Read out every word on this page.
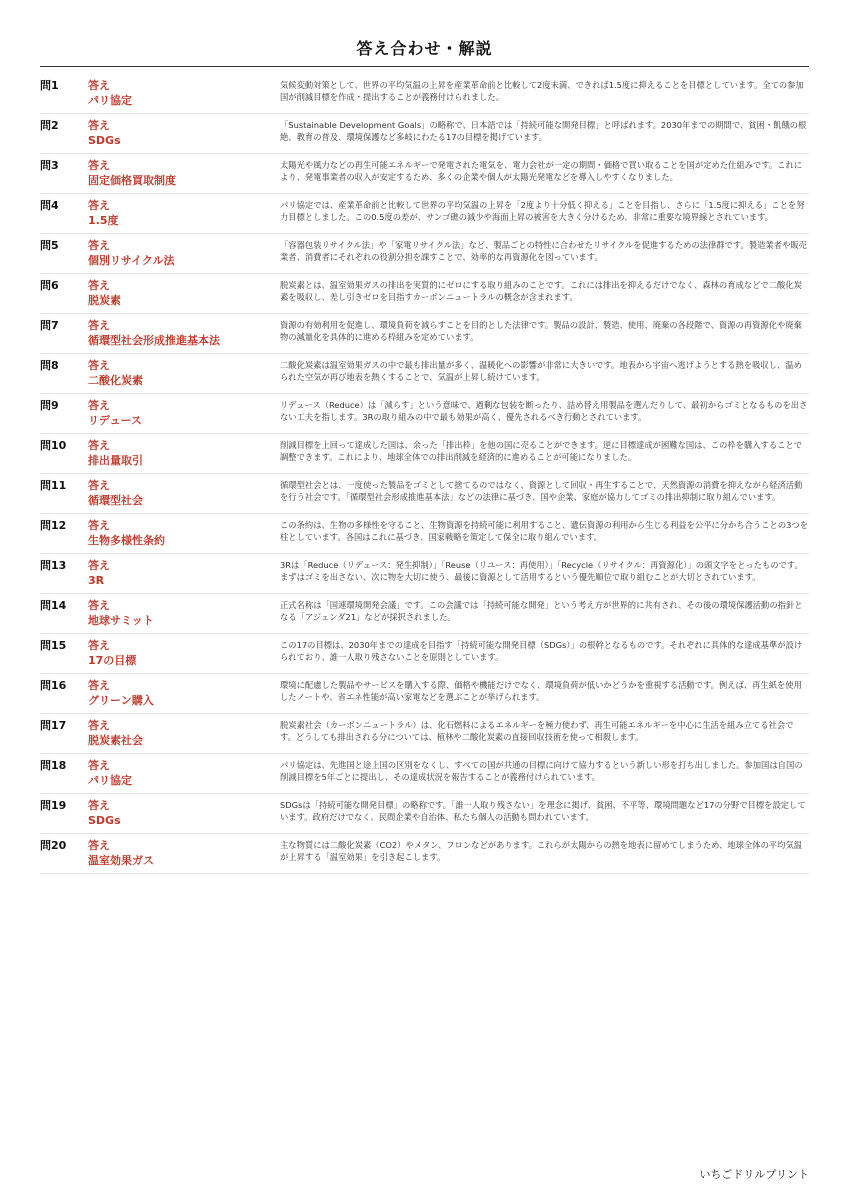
答え合わせ・解説
問1	答え
パリ協定
気候変動対策として、世界の平均気温の上昇を産業革命前と比較して2度未満、できれば1.5度に抑えることを目標としています。全ての参加国が削減目標を作成・提出することが義務付けられました。
問2	答え
SDGs
「Sustainable Development Goals」の略称で、日本語では「持続可能な開発目標」と呼ばれます。2030年までの期間で、貧困・飢餓の根絶、教育の普及、環境保護など多岐にわたる17の目標を掲げています。
問3	答え
固定価格買取制度
太陽光や風力などの再生可能エネルギーで発電された電気を、電力会社が一定の期間・価格で買い取ることを国が定めた仕組みです。これにより、発電事業者の収入が安定するため、多くの企業や個人が太陽光発電などを導入しやすくなりました。
問4	答え
1.5度
パリ協定では、産業革命前と比較して世界の平均気温の上昇を「2度より十分低く抑える」ことを目指し、さらに「1.5度に抑える」ことを努力目標としました。この0.5度の差が、サンゴ礁の減少や海面上昇の被害を大きく分けるため、非常に重要な境界線とされています。
問5	答え
個別リサイクル法
「容器包装リサイクル法」や「家電リサイクル法」など、製品ごとの特性に合わせたリサイクルを促進するための法律群です。製造業者や販売業者、消費者にそれぞれの役割分担を課すことで、効率的な再資源化を図っています。
問6	答え
脱炭素
脱炭素とは、温室効果ガスの排出を実質的にゼロにする取り組みのことです。これには排出を抑えるだけでなく、森林の育成などで二酸化炭素を吸収し、差し引きゼロを目指すカーボンニュートラルの概念が含まれます。
問7	答え
循環型社会形成推進基本法
資源の有効利用を促進し、環境負荷を減らすことを目的とした法律です。製品の設計、製造、使用、廃棄の各段階で、資源の再資源化や廃棄物の減量化を具体的に進める枠組みを定めています。
問8	答え
二酸化炭素
二酸化炭素は温室効果ガスの中で最も排出量が多く、温暖化への影響が非常に大きいです。地表から宇宙へ逃げようとする熱を吸収し、温められた空気が再び地表を熱くすることで、気温が上昇し続けています。
問9	答え
リデュース
リデュース（Reduce）は「減らす」という意味で、過剰な包装を断ったり、詰め替え用製品を選んだりして、最初からゴミとなるものを出さない工夫を指します。3Rの取り組みの中で最も効果が高く、優先されるべき行動とされています。
問10	答え
排出量取引
削減目標を上回って達成した国は、余った「排出枠」を他の国に売ることができます。逆に目標達成が困難な国は、この枠を購入することで調整できます。これにより、地球全体での排出削減を経済的に進めることが可能になりました。
問11	答え
循環型社会
循環型社会とは、一度使った製品をゴミとして捨てるのではなく、資源として回収・再生することで、天然資源の消費を抑えながら経済活動を行う社会です。「循環型社会形成推進基本法」などの法律に基づき、国や企業、家庭が協力してゴミの排出抑制に取り組んでいます。
問12	答え
生物多様性条約
この条約は、生物の多様性を守ること、生物資源を持続可能に利用すること、遺伝資源の利用から生じる利益を公平に分かち合うことの3つを柱としています。各国はこれに基づき、国家戦略を策定して保全に取り組んでいます。
問13	答え
3R
3Rは「Reduce（リデュース：発生抑制）」「Reuse（リユース：再使用）」「Recycle（リサイクル：再資源化）」の頭文字をとったものです。まずはゴミを出さない、次に物を大切に使う、最後に資源として活用するという優先順位で取り組むことが大切とされています。
問14	答え
地球サミット
正式名称は「国連環境開発会議」です。この会議では「持続可能な開発」という考え方が世界的に共有され、その後の環境保護活動の指針となる「アジェンダ21」などが採択されました。
問15	答え
17の目標
この17の目標は、2030年までの達成を目指す「持続可能な開発目標（SDGs）」の根幹となるものです。それぞれに具体的な達成基準が設けられており、誰一人取り残さないことを原則としています。
問16	答え
グリーン購入
環境に配慮した製品やサービスを購入する際、価格や機能だけでなく、環境負荷が低いかどうかを重視する活動です。例えば、再生紙を使用したノートや、省エネ性能が高い家電などを選ぶことが挙げられます。
問17	答え
脱炭素社会
脱炭素社会（カーボンニュートラル）は、化石燃料によるエネルギーを極力使わず、再生可能エネルギーを中心に生活を組み立てる社会です。どうしても排出される分については、植林や二酸化炭素の直接回収技術を使って相殺します。
問18	答え
パリ協定
パリ協定は、先進国と途上国の区別をなくし、すべての国が共通の目標に向けて協力するという新しい形を打ち出しました。参加国は自国の削減目標を5年ごとに提出し、その達成状況を報告することが義務付けられています。
問19	答え
SDGs
SDGsは「持続可能な開発目標」の略称です。「誰一人取り残さない」を理念に掲げ、貧困、不平等、環境問題など17の分野で目標を設定しています。政府だけでなく、民間企業や自治体、私たち個人の活動も問われています。
問20	答え
温室効果ガス
主な物質には二酸化炭素（CO2）やメタン、フロンなどがあります。これらが太陽からの熱を地表に留めてしまうため、地球全体の平均気温が上昇する「温室効果」を引き起こします。
いちごドリルプリント
